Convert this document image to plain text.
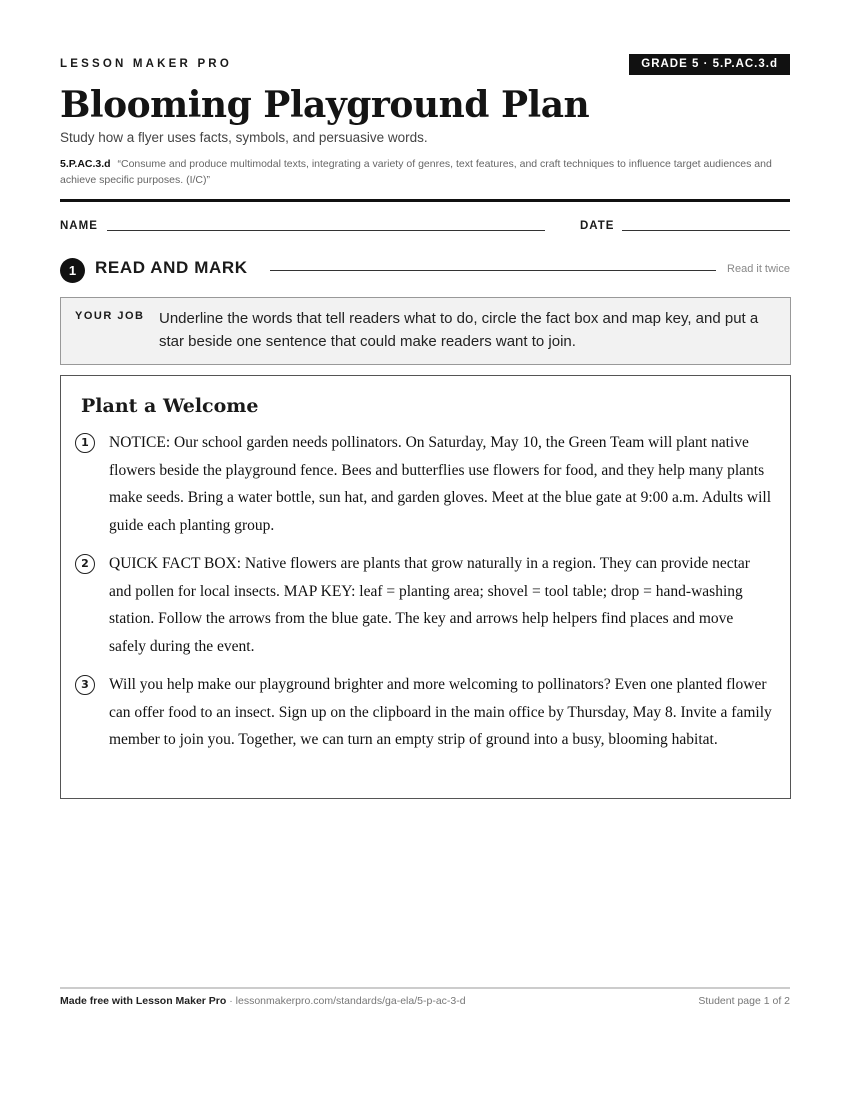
LESSON MAKER PRO	GRADE 5 · 5.P.AC.3.d
Blooming Playground Plan
Study how a flyer uses facts, symbols, and persuasive words.
5.P.AC.3.d “Consume and produce multimodal texts, integrating a variety of genres, text features, and craft techniques to influence target audiences and achieve specific purposes. (I/C)”
NAME	DATE
1	READ AND MARK	Read it twice
YOUR JOB Underline the words that tell readers what to do, circle the fact box and map key, and put a star beside one sentence that could make readers want to join.
Plant a Welcome
1	NOTICE: Our school garden needs pollinators. On Saturday, May 10, the Green Team will plant native flowers beside the playground fence. Bees and butterflies use flowers for food, and they help many plants make seeds. Bring a water bottle, sun hat, and garden gloves. Meet at the blue gate at 9:00 a.m. Adults will guide each planting group.

2	QUICK FACT BOX: Native flowers are plants that grow naturally in a region. They can provide nectar and pollen for local insects. MAP KEY: leaf = planting area; shovel = tool table; drop = hand-washing station. Follow the arrows from the blue gate. The key and arrows help helpers find places and move safely during the event.

3	Will you help make our playground brighter and more welcoming to pollinators? Even one planted flower can offer food to an insect. Sign up on the clipboard in the main office by Thursday, May 8. Invite a family member to join you. Together, we can turn an empty strip of ground into a busy, blooming habitat.

Made free with Lesson Maker Pro · lessonmakerpro.com/standards/ga-ela/5-p-ac-3-d	Student page 1 of 2
